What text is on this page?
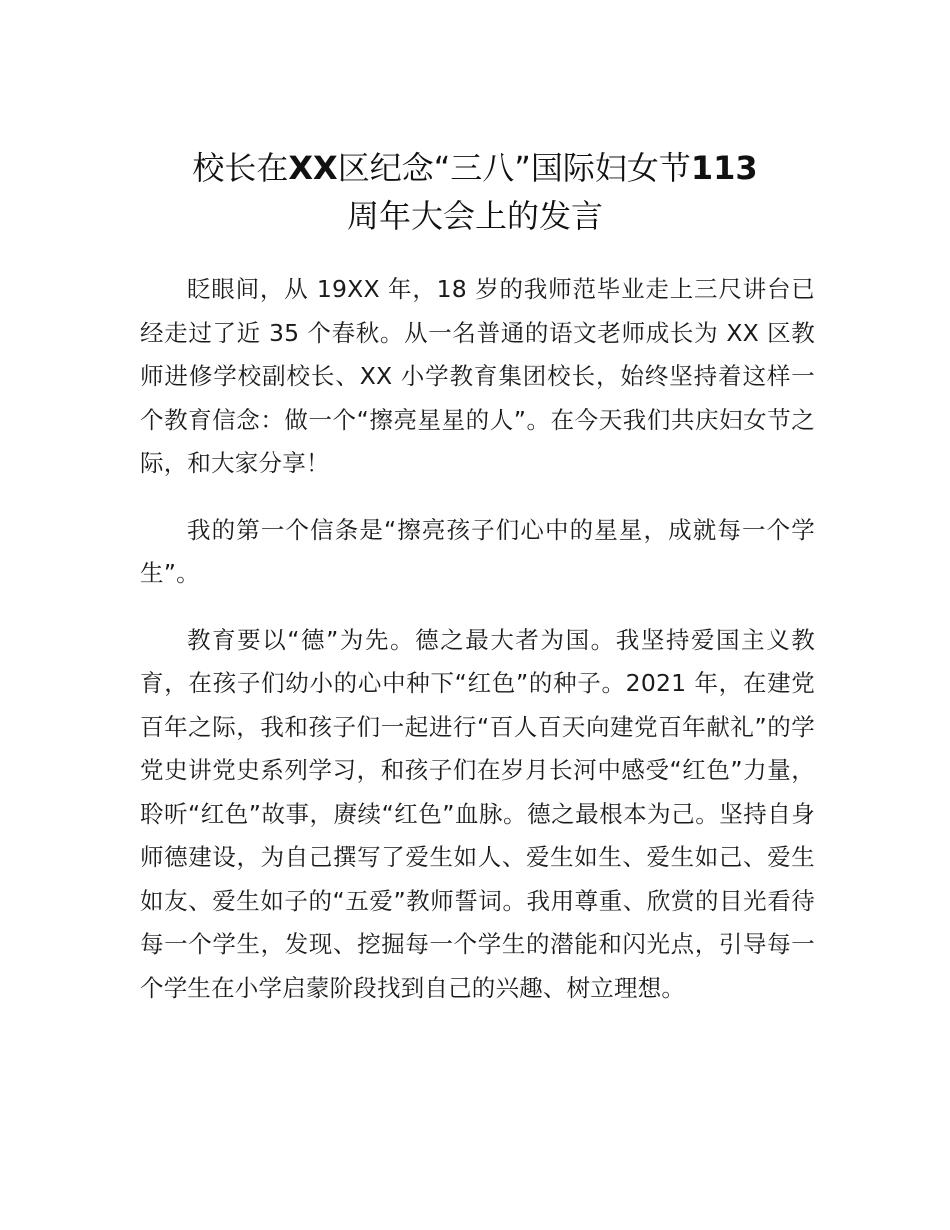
校长在XX区纪念“三八”国际妇女节113
周年大会上的发言

眨眼间，从 19XX 年，18 岁的我师范毕业走上三尺讲台已经走过了近 35 个春秋。从一名普通的语文老师成长为 XX 区教师进修学校副校长、XX 小学教育集团校长，始终坚持着这样一个教育信念：做一个“擦亮星星的人”。在今天我们共庆妇女节之际，和大家分享！

我的第一个信条是“擦亮孩子们心中的星星，成就每一个学生”。

教育要以“德”为先。德之最大者为国。我坚持爱国主义教育，在孩子们幼小的心中种下“红色”的种子。2021 年，在建党百年之际，我和孩子们一起进行“百人百天向建党百年献礼”的学党史讲党史系列学习，和孩子们在岁月长河中感受“红色”力量，聆听“红色”故事，赓续“红色”血脉。德之最根本为己。坚持自身师德建设，为自己撰写了爱生如人、爱生如生、爱生如己、爱生如友、爱生如子的“五爱”教师誓词。我用尊重、欣赏的目光看待每一个学生，发现、挖掘每一个学生的潜能和闪光点，引导每一个学生在小学启蒙阶段找到自己的兴趣、树立理想。
